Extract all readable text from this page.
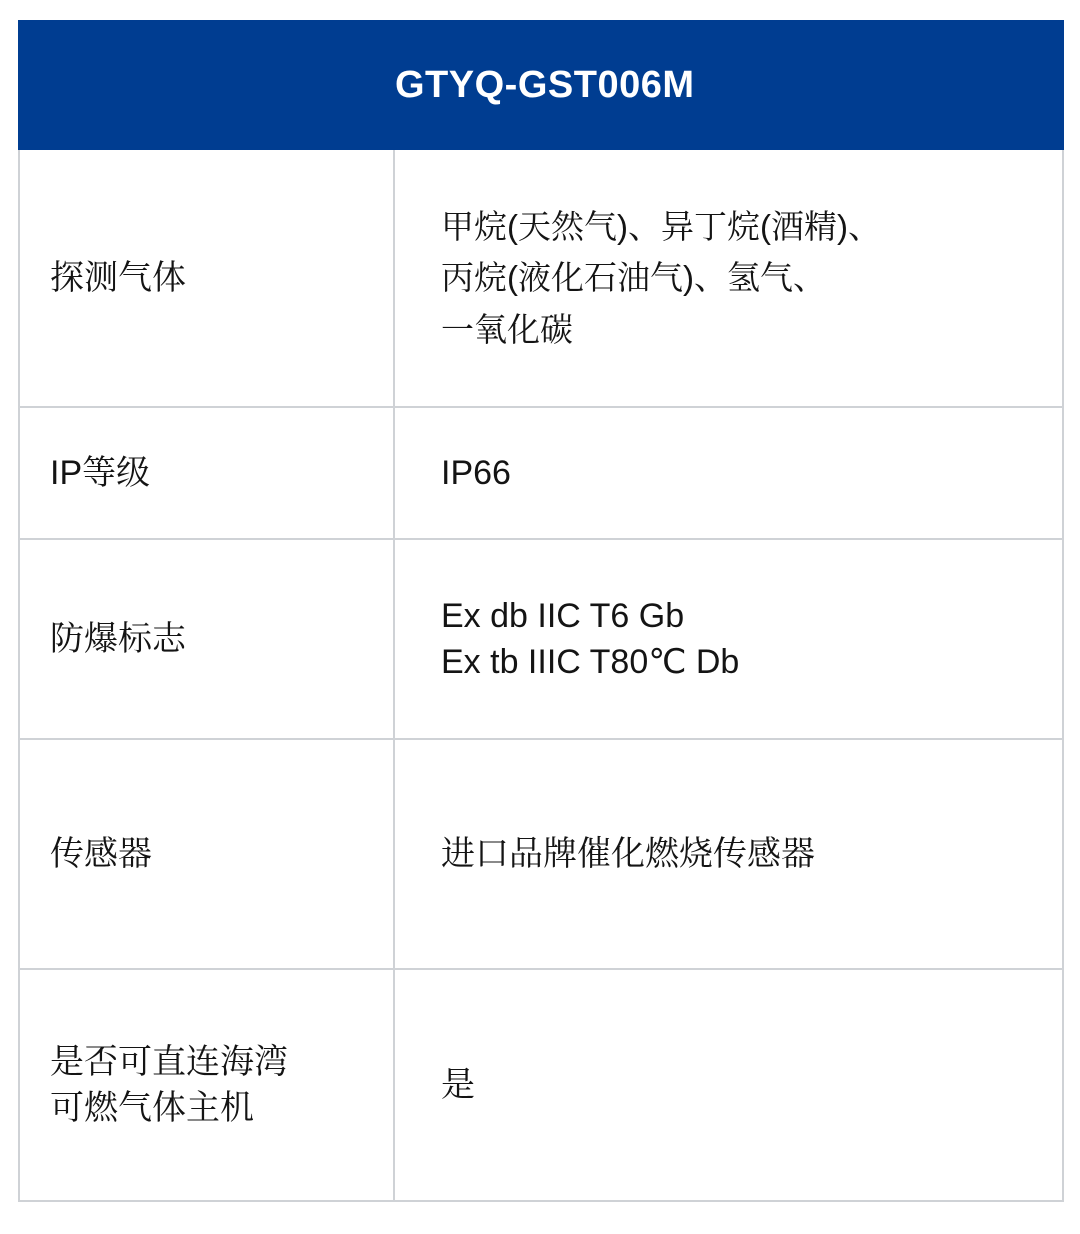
	GTYQ-GST006M
探测气体	甲烷(天然气)、异丁烷(酒精)、
丙烷(液化石油气)、氢气、
一氧化碳

IP等级	IP66

防爆标志	Ex db IIC T6 Gb
Ex tb IIIC T80℃ Db

传感器	进口品牌催化燃烧传感器

是否可直连海湾
可燃气体主机	是
